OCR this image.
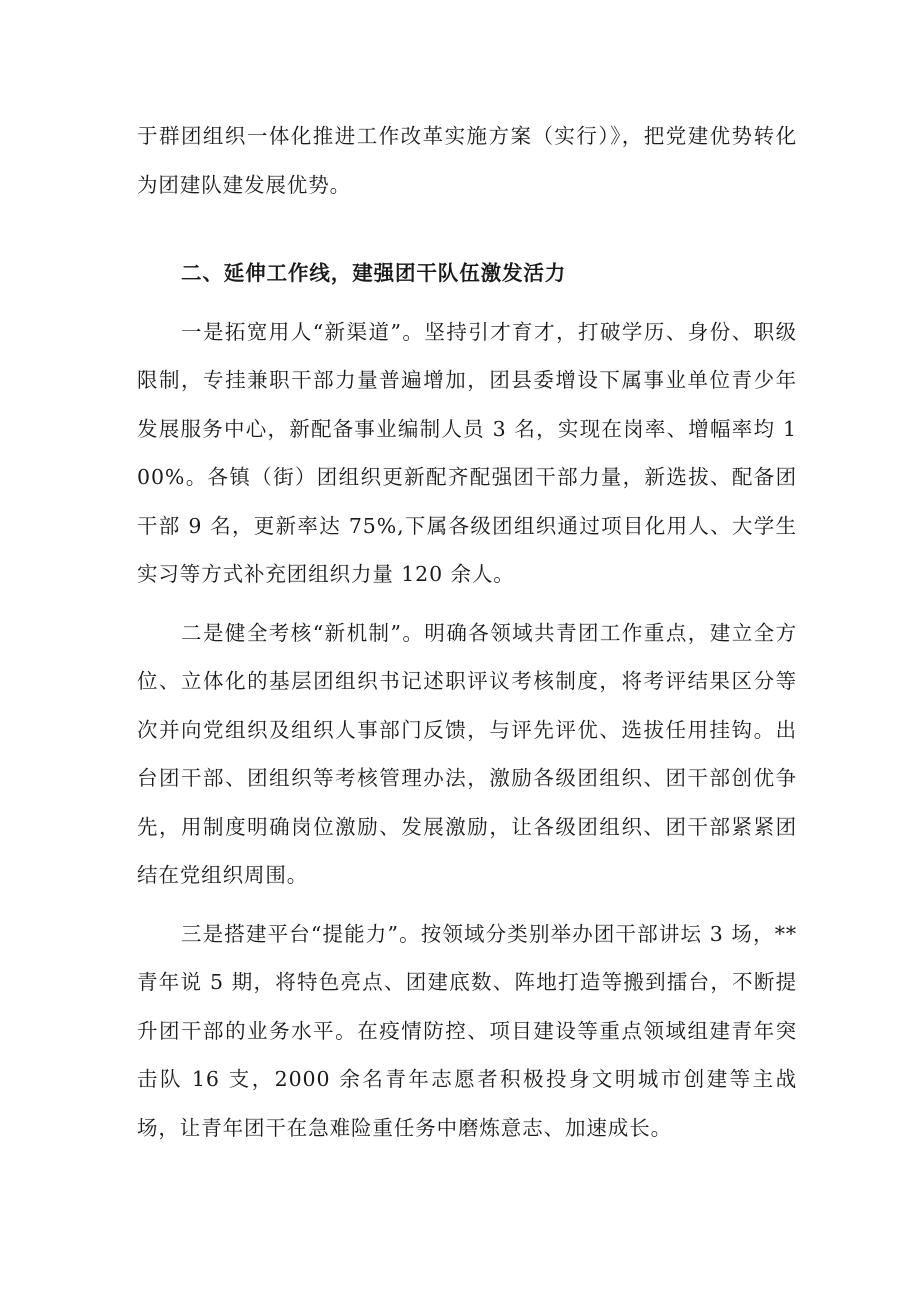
于群团组织一体化推进工作改革实施方案（实行）》，把党建优势转化为团建队建发展优势。

二、延伸工作线，建强团干队伍激发活力

一是拓宽用人“新渠道”。坚持引才育才，打破学历、身份、职级限制，专挂兼职干部力量普遍增加，团县委增设下属事业单位青少年发展服务中心，新配备事业编制人员 3 名，实现在岗率、增幅率均 100%。各镇（街）团组织更新配齐配强团干部力量，新选拔、配备团干部 9 名，更新率达 75%,下属各级团组织通过项目化用人、大学生实习等方式补充团组织力量 120 余人。

二是健全考核“新机制”。明确各领域共青团工作重点，建立全方位、立体化的基层团组织书记述职评议考核制度，将考评结果区分等次并向党组织及组织人事部门反馈，与评先评优、选拔任用挂钩。出台团干部、团组织等考核管理办法，激励各级团组织、团干部创优争先，用制度明确岗位激励、发展激励，让各级团组织、团干部紧紧团结在党组织周围。

三是搭建平台“提能力”。按领域分类别举办团干部讲坛 3 场，**青年说 5 期，将特色亮点、团建底数、阵地打造等搬到擂台，不断提升团干部的业务水平。在疫情防控、项目建设等重点领域组建青年突击队 16 支，2000 余名青年志愿者积极投身文明城市创建等主战场，让青年团干在急难险重任务中磨炼意志、加速成长。
